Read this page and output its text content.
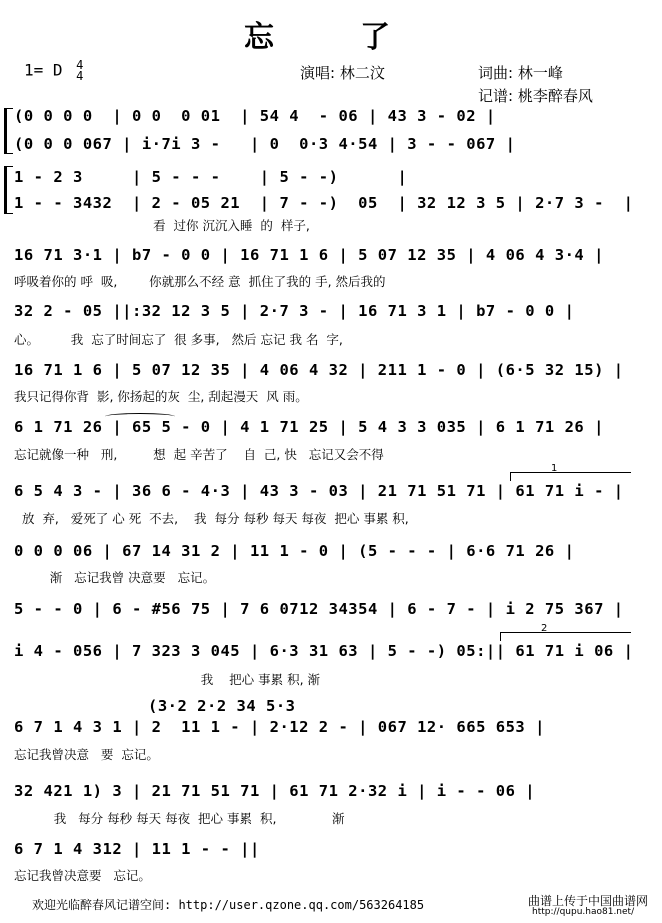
忘　了
1= D 4
4	演唱: 林二汶	词曲: 林一峰
记谱: 桃李醉春风
(0 0 0 0  | 0 0  0 01  | 54 4  - 06 | 43 3 - 02 |
(0 0 0 067 | i·7i 3 -   | 0  0·3 4·54 | 3 - - 067 |
1 - 2 3     | 5 - - -    | 5 - -)      |
1 - - 3432  | 2 - 05 21  | 7 - -)  05  | 32 12 3 5 | 2·7 3 -  |
看  过你 沉沉入睡  的  样子,
16 71 3·1 | b7 - 0 0 | 16 71 1 6 | 5 07 12 35 | 4 06 4 3·4 |
呼吸着你的 呼  吸,        你就那么不经 意  抓住了我的 手, 然后我的
32 2 - 05 ||:32 12 3 5 | 2·7 3 - | 16 71 3 1 | b7 - 0 0 |
心。        我  忘了时间忘了  很 多事,   然后 忘记 我 名  字,
16 71 1 6 | 5 07 12 35 | 4 06 4 32 | 211 1 - 0 | (6·5 32 15) |
我只记得你背  影, 你扬起的灰  尘, 刮起漫天  风 雨。
6 1 71 26 | 65 5 - 0 | 4 1 71 25 | 5 4 3 3 035 | 6 1 71 26 |
忘记就像一种   刑,         想  起 辛苦了    自  己, 快   忘记又会不得
1
6 5 4 3 - | 36 6 - 4·3 | 43 3 - 03 | 21 71 51 71 | 61 71 i - |
放  弃,   爱死了 心 死  不去,    我  每分 每秒 每天 每夜  把心 事累 积,
0 0 0 06 | 67 14 31 2 | 11 1 - 0 | (5 - - - | 6·6 71 26 |
渐   忘记我曾 决意要   忘记。
5 - - 0 | 6 - #56 75 | 7 6 0712 34354 | 6 - 7 - | i 2 75 367 |
2
i 4 - 056 | 7 323 3 045 | 6·3 31 63 | 5 - -) 05:|| 61 71 i 06 |
我    把心 事累 积, 渐
(3·2 2·2 34 5·3
6 7 1 4 3 1 | 2  11 1 - | 2·12 2 - | 067 12· 665 653 |
忘记我曾决意   要  忘记。
32 421 1) 3 | 21 71 51 71 | 61 71 2·32 i | i - - 06 |
我   每分 每秒 每天 每夜  把心 事累  积,              渐
6 7 1 4 312 | 11 1 - - ||
忘记我曾决意要   忘记。
欢迎光临醉春风记谱空间: http://user.qzone.qq.com/563264185	曲谱上传于中国曲谱网
http://qupu.hao81.net/
